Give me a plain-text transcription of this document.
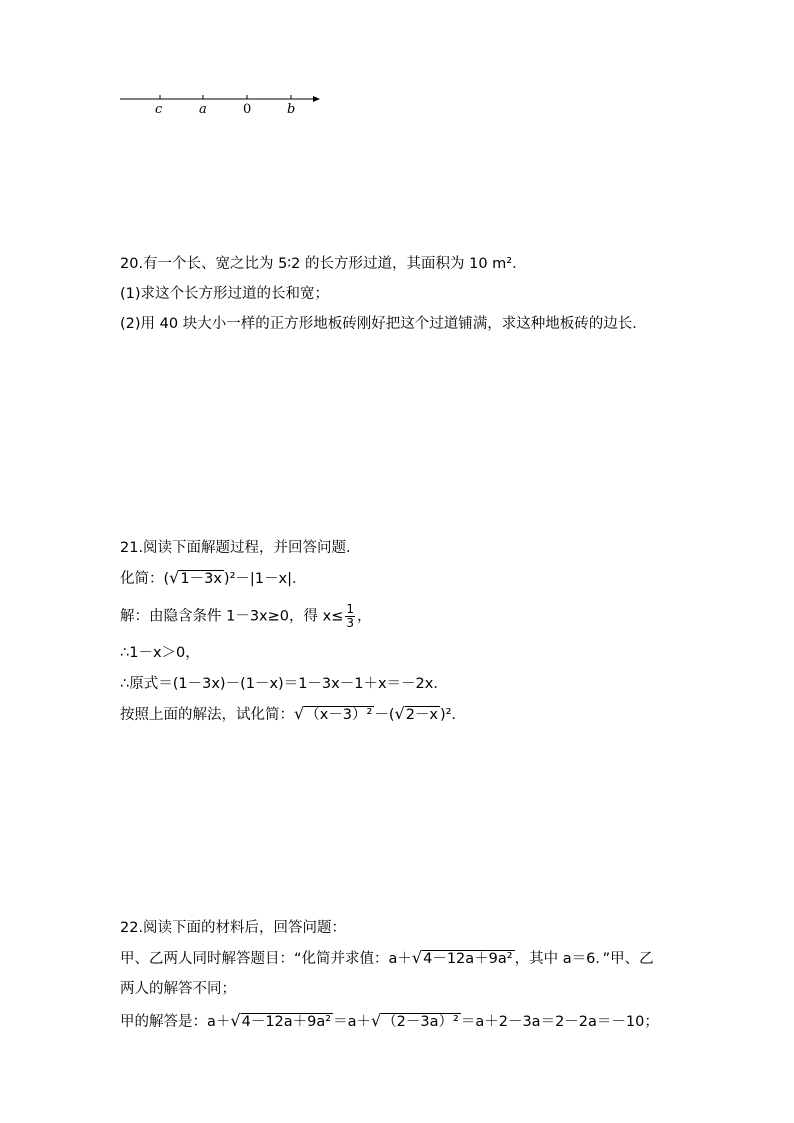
c	a	0	b
20.有一个长、宽之比为 5∶2 的长方形过道，其面积为 10 m²．
(1)求这个长方形过道的长和宽；
(2)用 40 块大小一样的正方形地板砖刚好把这个过道铺满，求这种地板砖的边长．
21.阅读下面解题过程，并回答问题．
化简：(√1－3x )²－|1－x|．
解：由隐含条件 1－3x≥0，得 $x\le \frac{1}{3}$ ，
∴1－x＞0，
∴原式＝(1－3x)－(1－x)＝1－3x－1＋x＝－2x．
按照上面的解法，试化简：√（x－3）² －(√2－x )²．
22.阅读下面的材料后，回答问题：
甲、乙两人同时解答题目：“化简并求值：a＋√4－12a＋9a² ，其中 a＝6．”甲、乙
两人的解答不同；
甲的解答是：a＋√4－12a＋9a² ＝a＋√（2－3a）² ＝a＋2－3a＝2－2a＝－10；
